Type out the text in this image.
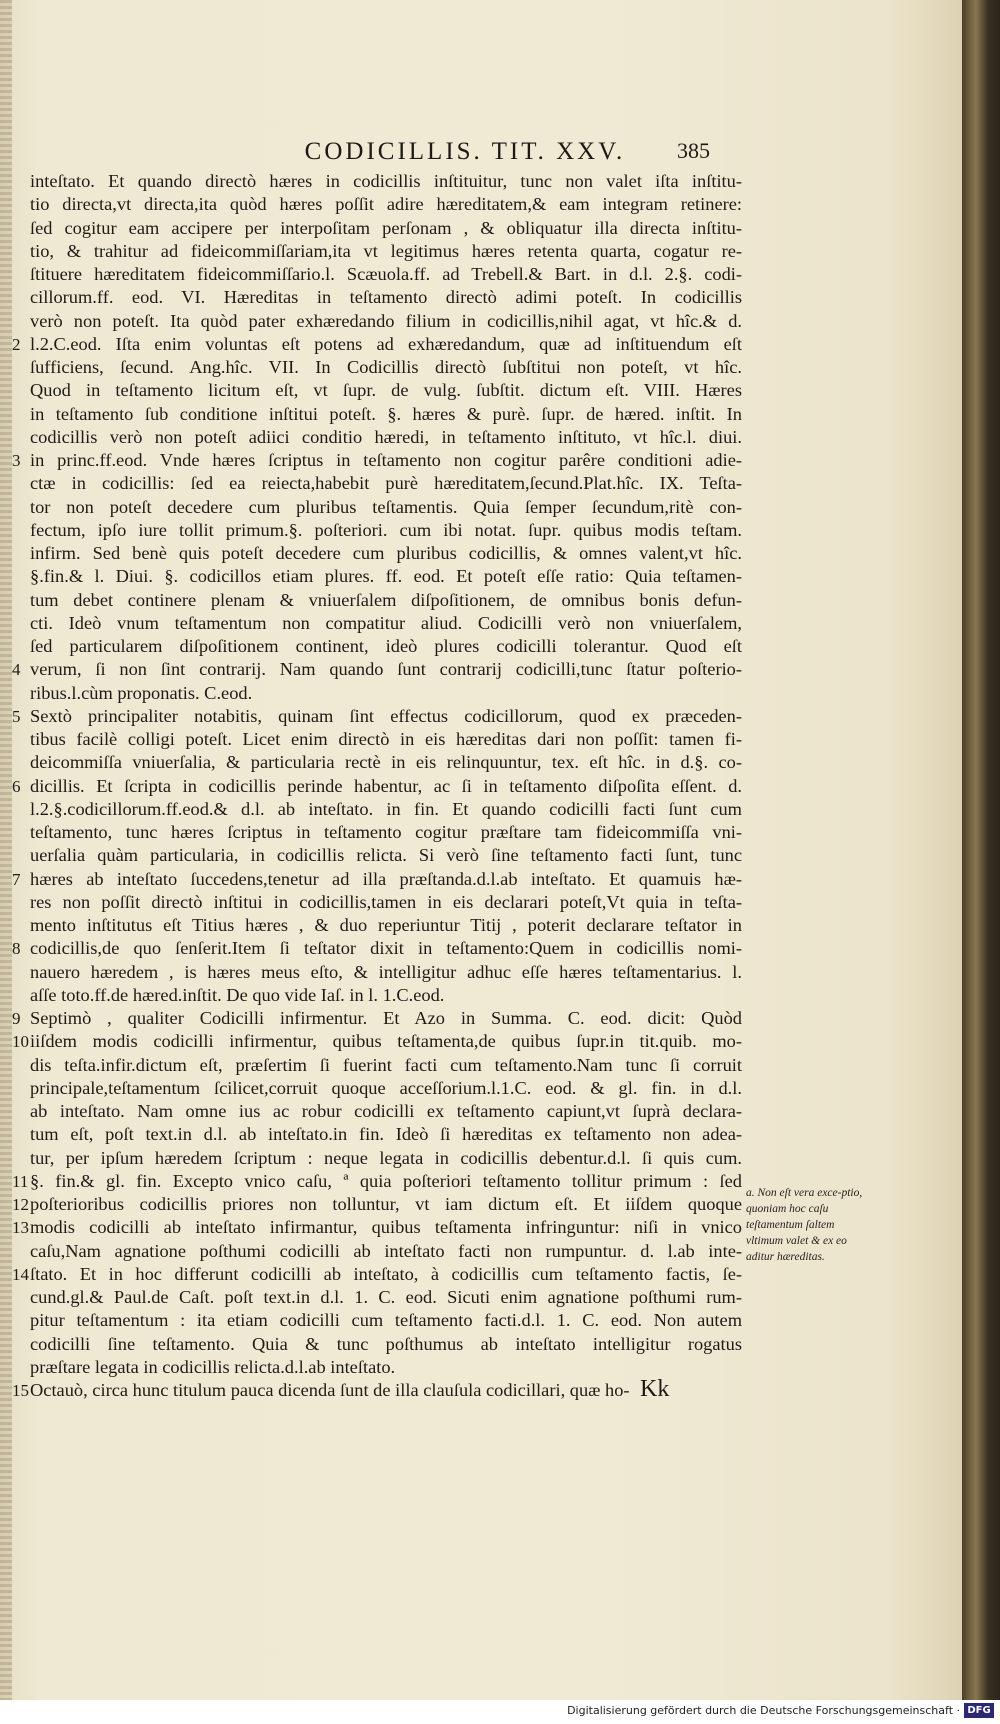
CODICILLIS. TIT. XXV.	385
inteſtato. Et quando directò hæres in codicillis inſtituitur, tunc non valet iſta inſtitu-
tio directa,vt directa,ita quòd hæres poſſit adire hæreditatem,& eam integram retinere:
ſed cogitur eam accipere per interpoſitam perſonam , & obliquatur illa directa inſtitu-
tio, & trahitur ad fideicommiſſariam,ita vt legitimus hæres retenta quarta, cogatur re-
ſtituere hæreditatem fideicommiſſario.l. Scæuola.ff. ad Trebell.& Bart. in d.l. 2.§. codi-
cillorum.ff. eod. VI. Hæreditas in teſtamento directò adimi poteſt. In codicillis
verò non poteſt. Ita quòd pater exhæredando filium in codicillis,nihil agat, vt hîc.& d.
2 l.2.C.eod. Iſta enim voluntas eſt potens ad exhæredandum, quæ ad inſtituendum eſt
ſufficiens, ſecund. Ang.hîc. VII. In Codicillis directò ſubſtitui non poteſt, vt hîc.
Quod in teſtamento licitum eſt, vt ſupr. de vulg. ſubſtit. dictum eſt. VIII. Hæres
in teſtamento ſub conditione inſtitui poteſt. §. hæres & purè. ſupr. de hæred. inſtit. In
codicillis verò non poteſt adiici conditio hæredi, in teſtamento inſtituto, vt hîc.l. diui.
3 in princ.ff.eod. Vnde hæres ſcriptus in teſtamento non cogitur parêre conditioni adie-
ctæ in codicillis: ſed ea reiecta,habebit purè hæreditatem,ſecund.Plat.hîc. IX. Teſta-
tor non poteſt decedere cum pluribus teſtamentis. Quia ſemper ſecundum,ritè con-
fectum, ipſo iure tollit primum.§. poſteriori. cum ibi notat. ſupr. quibus modis teſtam.
infirm. Sed benè quis poteſt decedere cum pluribus codicillis, & omnes valent,vt hîc.
§.fin.& l. Diui. §. codicillos etiam plures. ff. eod. Et poteſt eſſe ratio: Quia teſtamen-
tum debet continere plenam & vniuerſalem diſpoſitionem, de omnibus bonis defun-
cti. Ideò vnum teſtamentum non compatitur aliud. Codicilli verò non vniuerſalem,
ſed particularem diſpoſitionem continent, ideò plures codicilli tolerantur. Quod eſt
4 verum, ſi non ſint contrarij. Nam quando ſunt contrarij codicilli,tunc ſtatur poſterio-
ribus.l.cùm proponatis. C.eod.
5 Sextò principaliter notabitis, quinam ſint effectus codicillorum, quod ex præceden-
tibus facilè colligi poteſt. Licet enim directò in eis hæreditas dari non poſſit: tamen fi-
deicommiſſa vniuerſalia, & particularia rectè in eis relinquuntur, tex. eſt hîc. in d.§. co-
6 dicillis. Et ſcripta in codicillis perinde habentur, ac ſi in teſtamento diſpoſita eſſent. d.
l.2.§.codicillorum.ff.eod.& d.l. ab inteſtato. in fin. Et quando codicilli facti ſunt cum
teſtamento, tunc hæres ſcriptus in teſtamento cogitur præſtare tam fideicommiſſa vni-
uerſalia quàm particularia, in codicillis relicta. Si verò ſine teſtamento facti ſunt, tunc
7 hæres ab inteſtato ſuccedens,tenetur ad illa præſtanda.d.l.ab inteſtato. Et quamuis hæ-
res non poſſit directò inſtitui in codicillis,tamen in eis declarari poteſt,Vt quia in teſta-
mento inſtitutus eſt Titius hæres , & duo reperiuntur Titij , poterit declarare teſtator in
8 codicillis,de quo ſenſerit.Item ſi teſtator dixit in teſtamento:Quem in codicillis nomi-
nauero hæredem , is hæres meus eſto, & intelligitur adhuc eſſe hæres teſtamentarius. l.
aſſe toto.ff.de hæred.inſtit. De quo vide Iaſ. in l. 1.C.eod.
9 Septimò , qualiter Codicilli infirmentur. Et Azo in Summa. C. eod. dicit: Quòd
10 iiſdem modis codicilli infirmentur, quibus teſtamenta,de quibus ſupr.in tit.quib. mo-
dis teſta.infir.dictum eſt, præſertim ſi fuerint facti cum teſtamento.Nam tunc ſi corruit
principale,teſtamentum ſcilicet,corruit quoque acceſſorium.l.1.C. eod. & gl. fin. in d.l.
ab inteſtato. Nam omne ius ac robur codicilli ex teſtamento capiunt,vt ſuprà declara-
tum eſt, poſt text.in d.l. ab inteſtato.in fin. Ideò ſi hæreditas ex teſtamento non adea-
tur, per ipſum hæredem ſcriptum : neque legata in codicillis debentur.d.l. ſi quis cum.
11 §. fin.& gl. fin. Excepto vnico caſu, ª quia poſteriori teſtamento tollitur primum : ſed
12 poſterioribus codicillis priores non tolluntur, vt iam dictum eſt. Et iiſdem quoque
13 modis codicilli ab inteſtato infirmantur, quibus teſtamenta infringuntur: niſi in vnico
caſu,Nam agnatione poſthumi codicilli ab inteſtato facti non rumpuntur. d. l.ab inte-
14 ſtato. Et in hoc differunt codicilli ab inteſtato, à codicillis cum teſtamento factis, ſe-
cund.gl.& Paul.de Caſt. poſt text.in d.l. 1. C. eod. Sicuti enim agnatione poſthumi rum-
pitur teſtamentum : ita etiam codicilli cum teſtamento facti.d.l. 1. C. eod. Non autem
codicilli ſine teſtamento. Quia & tunc poſthumus ab inteſtato intelligitur rogatus
præſtare legata in codicillis relicta.d.l.ab inteſtato.
15 Octauò, circa hunc titulum pauca dicenda ſunt de illa clauſula codicillari, quæ ho-
a. Non eſt vera exce-ptio, quoniam hoc caſu teſtamentum ſaltem vltimum valet & ex eo aditur hæreditas.
Kk
Digitalisierung gefördert durch die Deutsche Forschungsgemeinschaft · DFG
